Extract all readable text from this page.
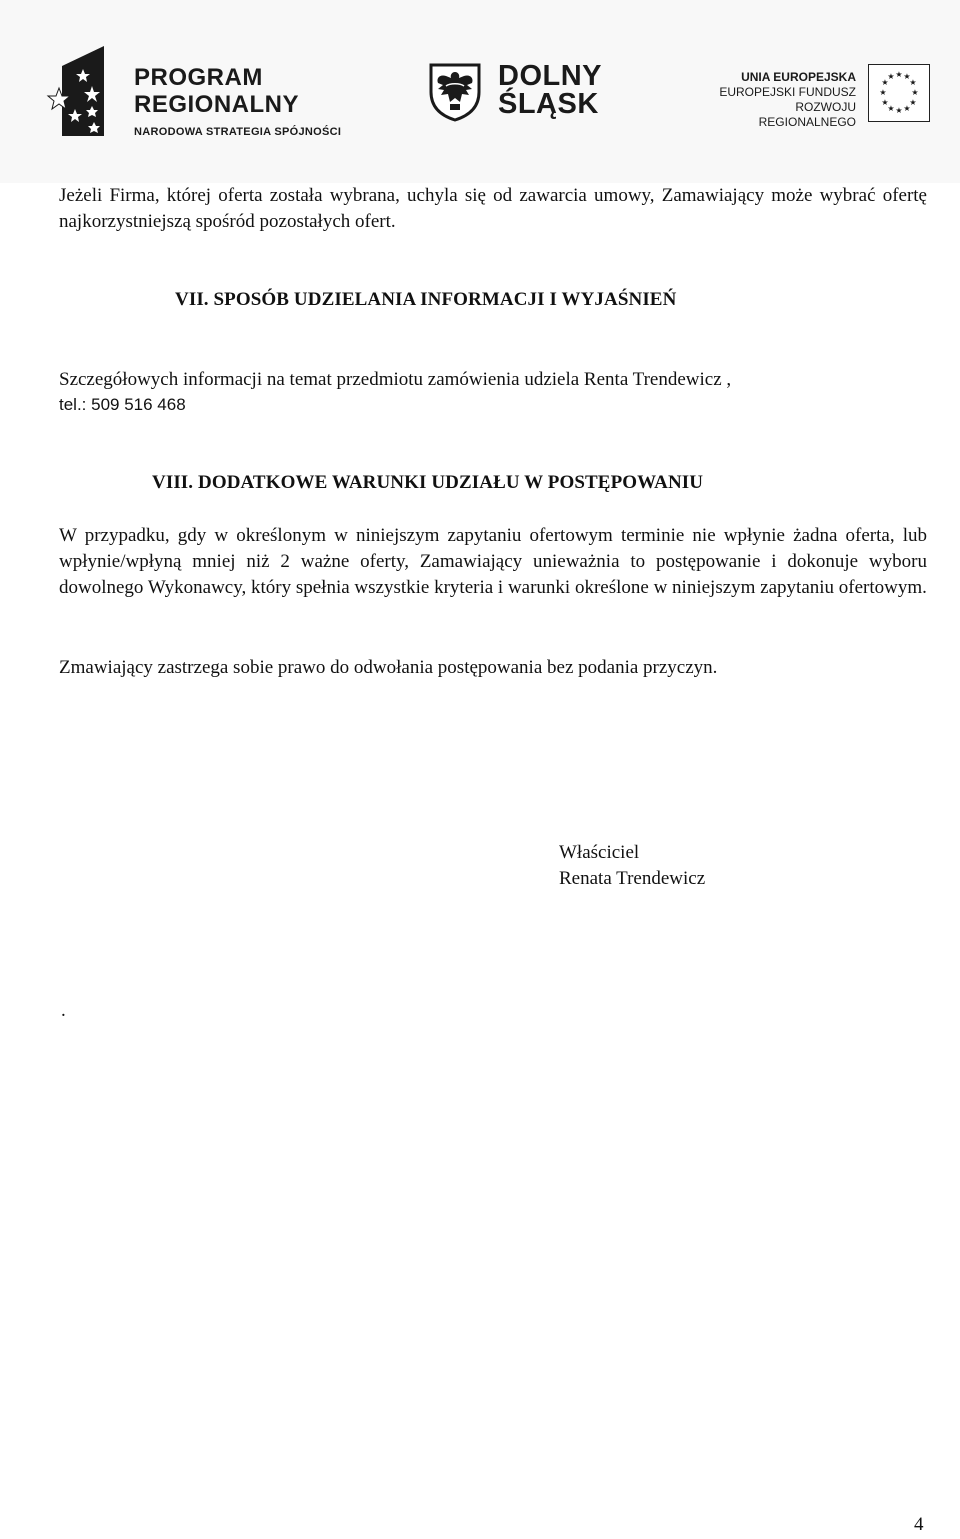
PROGRAM
REGIONALNY
NARODOWA STRATEGIA SPÓJNOŚCI
DOLNY
ŚLĄSK
UNIA EUROPEJSKA
EUROPEJSKI FUNDUSZ
ROZWOJU REGIONALNEGO
★ ★
★
★
★
★
★
★
★
★
★
★

Jeżeli Firma, której oferta została wybrana, uchyla się od zawarcia umowy, Zamawiający może wybrać ofertę najkorzystniejszą spośród pozostałych ofert.

VII. SPOSÓB UDZIELANIA INFORMACJI I WYJAŚNIEŃ

Szczegółowych informacji na temat przedmiotu zamówienia udziela Renta Trendewicz ,

tel.: 509 516 468

VIII. DODATKOWE WARUNKI UDZIAŁU W POSTĘPOWANIU

W przypadku, gdy w określonym w niniejszym zapytaniu ofertowym terminie nie wpłynie żadna oferta, lub wpłynie/wpłyną mniej niż 2 ważne oferty, Zamawiający unieważnia to postępowanie i dokonuje wyboru dowolnego Wykonawcy, który spełnia wszystkie kryteria i warunki określone w niniejszym zapytaniu ofertowym.

Zmawiający zastrzega sobie prawo do odwołania postępowania bez podania przyczyn.

Właściciel
Renata Trendewicz
.
4
